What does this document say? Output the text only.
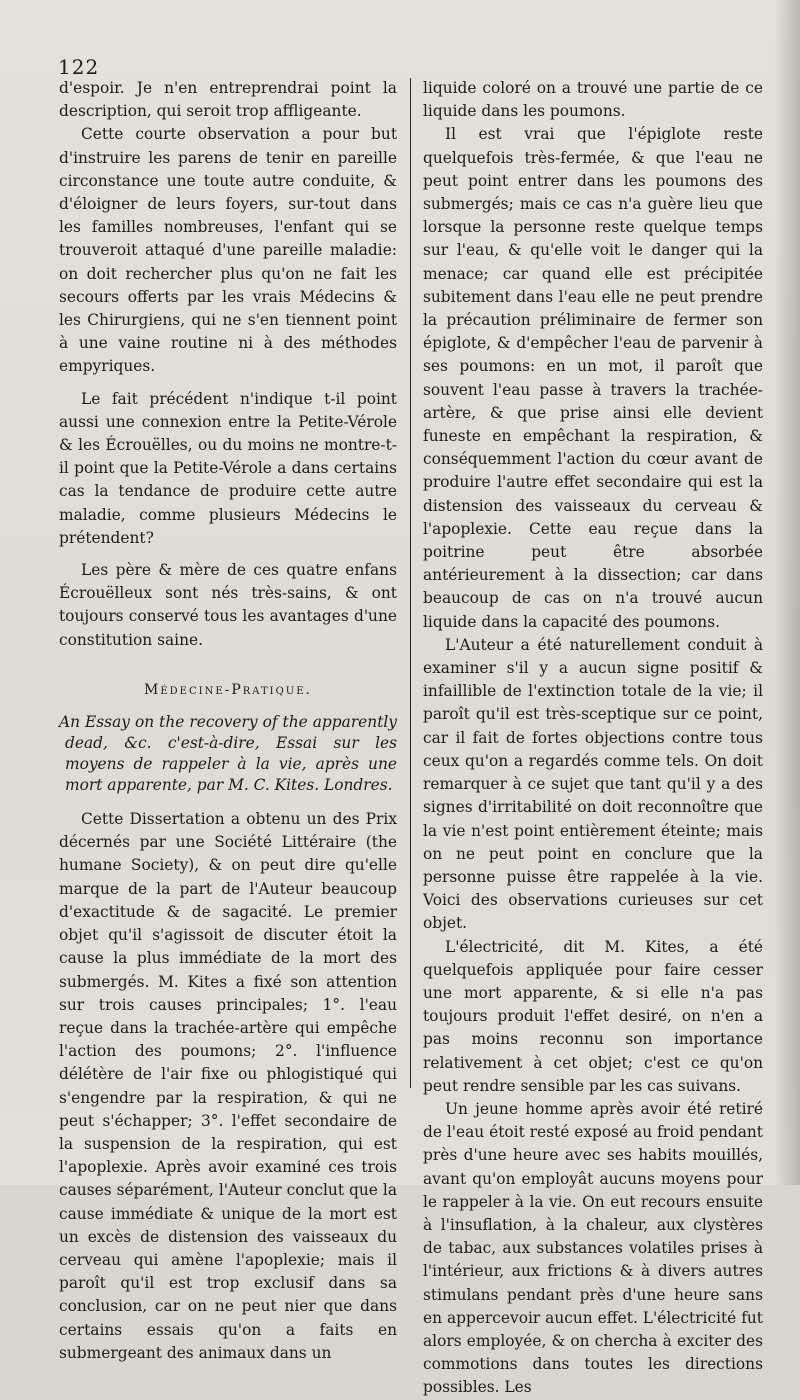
122

d'espoir. Je n'en entreprendrai point la description, qui seroit trop affligeante.

Cette courte observation a pour but d'instruire les parens de tenir en pareille circonstance une toute autre conduite, & d'éloigner de leurs foyers, sur-tout dans les familles nombreuses, l'enfant qui se trouveroit attaqué d'une pareille maladie: on doit rechercher plus qu'on ne fait les secours offerts par les vrais Médecins & les Chirurgiens, qui ne s'en tiennent point à une vaine routine ni à des méthodes empyriques.

Le fait précédent n'indique t-il point aussi une connexion entre la Petite-Vérole & les Écrouëlles, ou du moins ne montre-t-il point que la Petite-Vérole a dans certains cas la tendance de produire cette autre maladie, comme plusieurs Médecins le prétendent?

Les père & mère de ces quatre enfans Écrouëlleux sont nés très-sains, & ont toujours conservé tous les avantages d'une constitution saine.

Médecine-Pratique.

An Essay on the recovery of the apparently dead, &c. c'est-à-dire, Essai sur les moyens de rappeler à la vie, après une mort apparente, par M. C. Kites. Londres.

Cette Dissertation a obtenu un des Prix décernés par une Société Littéraire (the humane Society), & on peut dire qu'elle marque de la part de l'Auteur beaucoup d'exactitude & de sagacité. Le premier objet qu'il s'agissoit de discuter étoit la cause la plus immédiate de la mort des submergés. M. Kites a fixé son attention sur trois causes principales; 1°. l'eau reçue dans la trachée-artère qui empêche l'action des poumons; 2°. l'influence délétère de l'air fixe ou phlogistiqué qui s'engendre par la respiration, & qui ne peut s'échapper; 3°. l'effet secondaire de la suspension de la respiration, qui est l'apoplexie. Après avoir examiné ces trois causes séparément, l'Auteur conclut que la cause immédiate & unique de la mort est un excès de distension des vaisseaux du cerveau qui amène l'apoplexie; mais il paroît qu'il est trop exclusif dans sa conclusion, car on ne peut nier que dans certains essais qu'on a faits en submergeant des animaux dans un

liquide coloré on a trouvé une partie de ce liquide dans les poumons.

Il est vrai que l'épiglote reste quelquefois très-fermée, & que l'eau ne peut point entrer dans les poumons des submergés; mais ce cas n'a guère lieu que lorsque la personne reste quelque temps sur l'eau, & qu'elle voit le danger qui la menace; car quand elle est précipitée subitement dans l'eau elle ne peut prendre la précaution préliminaire de fermer son épiglote, & d'empêcher l'eau de parvenir à ses poumons: en un mot, il paroît que souvent l'eau passe à travers la trachée-artère, & que prise ainsi elle devient funeste en empêchant la respiration, & conséquemment l'action du cœur avant de produire l'autre effet secondaire qui est la distension des vaisseaux du cerveau & l'apoplexie. Cette eau reçue dans la poitrine peut être absorbée antérieurement à la dissection; car dans beaucoup de cas on n'a trouvé aucun liquide dans la capacité des poumons.

L'Auteur a été naturellement conduit à examiner s'il y a aucun signe positif & infaillible de l'extinction totale de la vie; il paroît qu'il est très-sceptique sur ce point, car il fait de fortes objections contre tous ceux qu'on a regardés comme tels. On doit remarquer à ce sujet que tant qu'il y a des signes d'irritabilité on doit reconnoître que la vie n'est point entièrement éteinte; mais on ne peut point en conclure que la personne puisse être rappelée à la vie. Voici des observations curieuses sur cet objet.

L'électricité, dit M. Kites, a été quelquefois appliquée pour faire cesser une mort apparente, & si elle n'a pas toujours produit l'effet desiré, on n'en a pas moins reconnu son importance relativement à cet objet; c'est ce qu'on peut rendre sensible par les cas suivans.

Un jeune homme après avoir été retiré de l'eau étoit resté exposé au froid pendant près d'une heure avec ses habits mouillés, avant qu'on employât aucuns moyens pour le rappeler à la vie. On eut recours ensuite à l'insuflation, à la chaleur, aux clystères de tabac, aux substances volatiles prises à l'intérieur, aux frictions & à divers autres stimulans pendant près d'une heure sans en appercevoir aucun effet. L'électricité fut alors employée, & on chercha à exciter des commotions dans toutes les directions possibles. Les
